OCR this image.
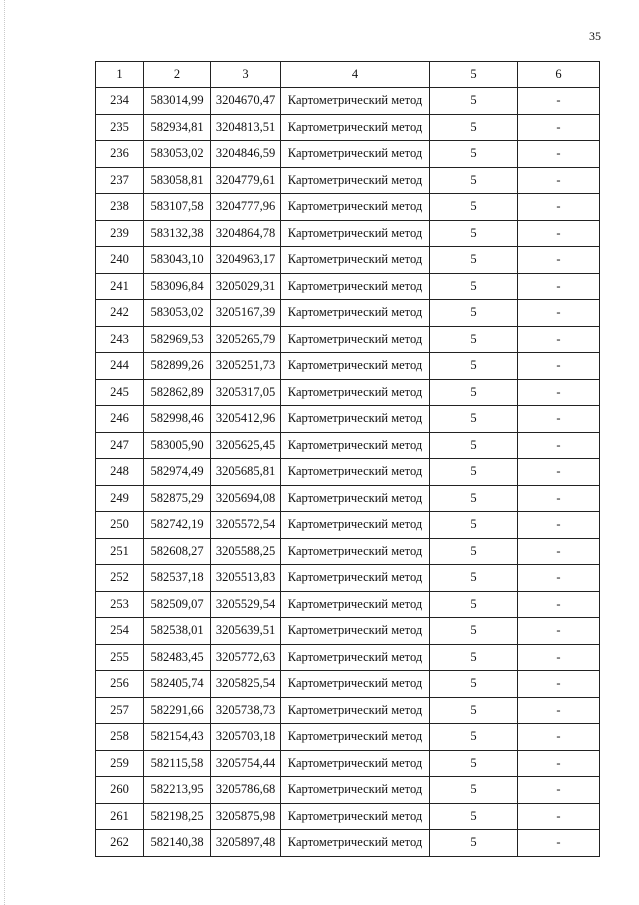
35
1	2	3	4	5	6
234	583014,99	3204670,47	Картометрический метод	5	-
235	582934,81	3204813,51	Картометрический метод	5	-
236	583053,02	3204846,59	Картометрический метод	5	-
237	583058,81	3204779,61	Картометрический метод	5	-
238	583107,58	3204777,96	Картометрический метод	5	-
239	583132,38	3204864,78	Картометрический метод	5	-
240	583043,10	3204963,17	Картометрический метод	5	-
241	583096,84	3205029,31	Картометрический метод	5	-
242	583053,02	3205167,39	Картометрический метод	5	-
243	582969,53	3205265,79	Картометрический метод	5	-
244	582899,26	3205251,73	Картометрический метод	5	-
245	582862,89	3205317,05	Картометрический метод	5	-
246	582998,46	3205412,96	Картометрический метод	5	-
247	583005,90	3205625,45	Картометрический метод	5	-
248	582974,49	3205685,81	Картометрический метод	5	-
249	582875,29	3205694,08	Картометрический метод	5	-
250	582742,19	3205572,54	Картометрический метод	5	-
251	582608,27	3205588,25	Картометрический метод	5	-
252	582537,18	3205513,83	Картометрический метод	5	-
253	582509,07	3205529,54	Картометрический метод	5	-
254	582538,01	3205639,51	Картометрический метод	5	-
255	582483,45	3205772,63	Картометрический метод	5	-
256	582405,74	3205825,54	Картометрический метод	5	-
257	582291,66	3205738,73	Картометрический метод	5	-
258	582154,43	3205703,18	Картометрический метод	5	-
259	582115,58	3205754,44	Картометрический метод	5	-
260	582213,95	3205786,68	Картометрический метод	5	-
261	582198,25	3205875,98	Картометрический метод	5	-
262	582140,38	3205897,48	Картометрический метод	5	-
